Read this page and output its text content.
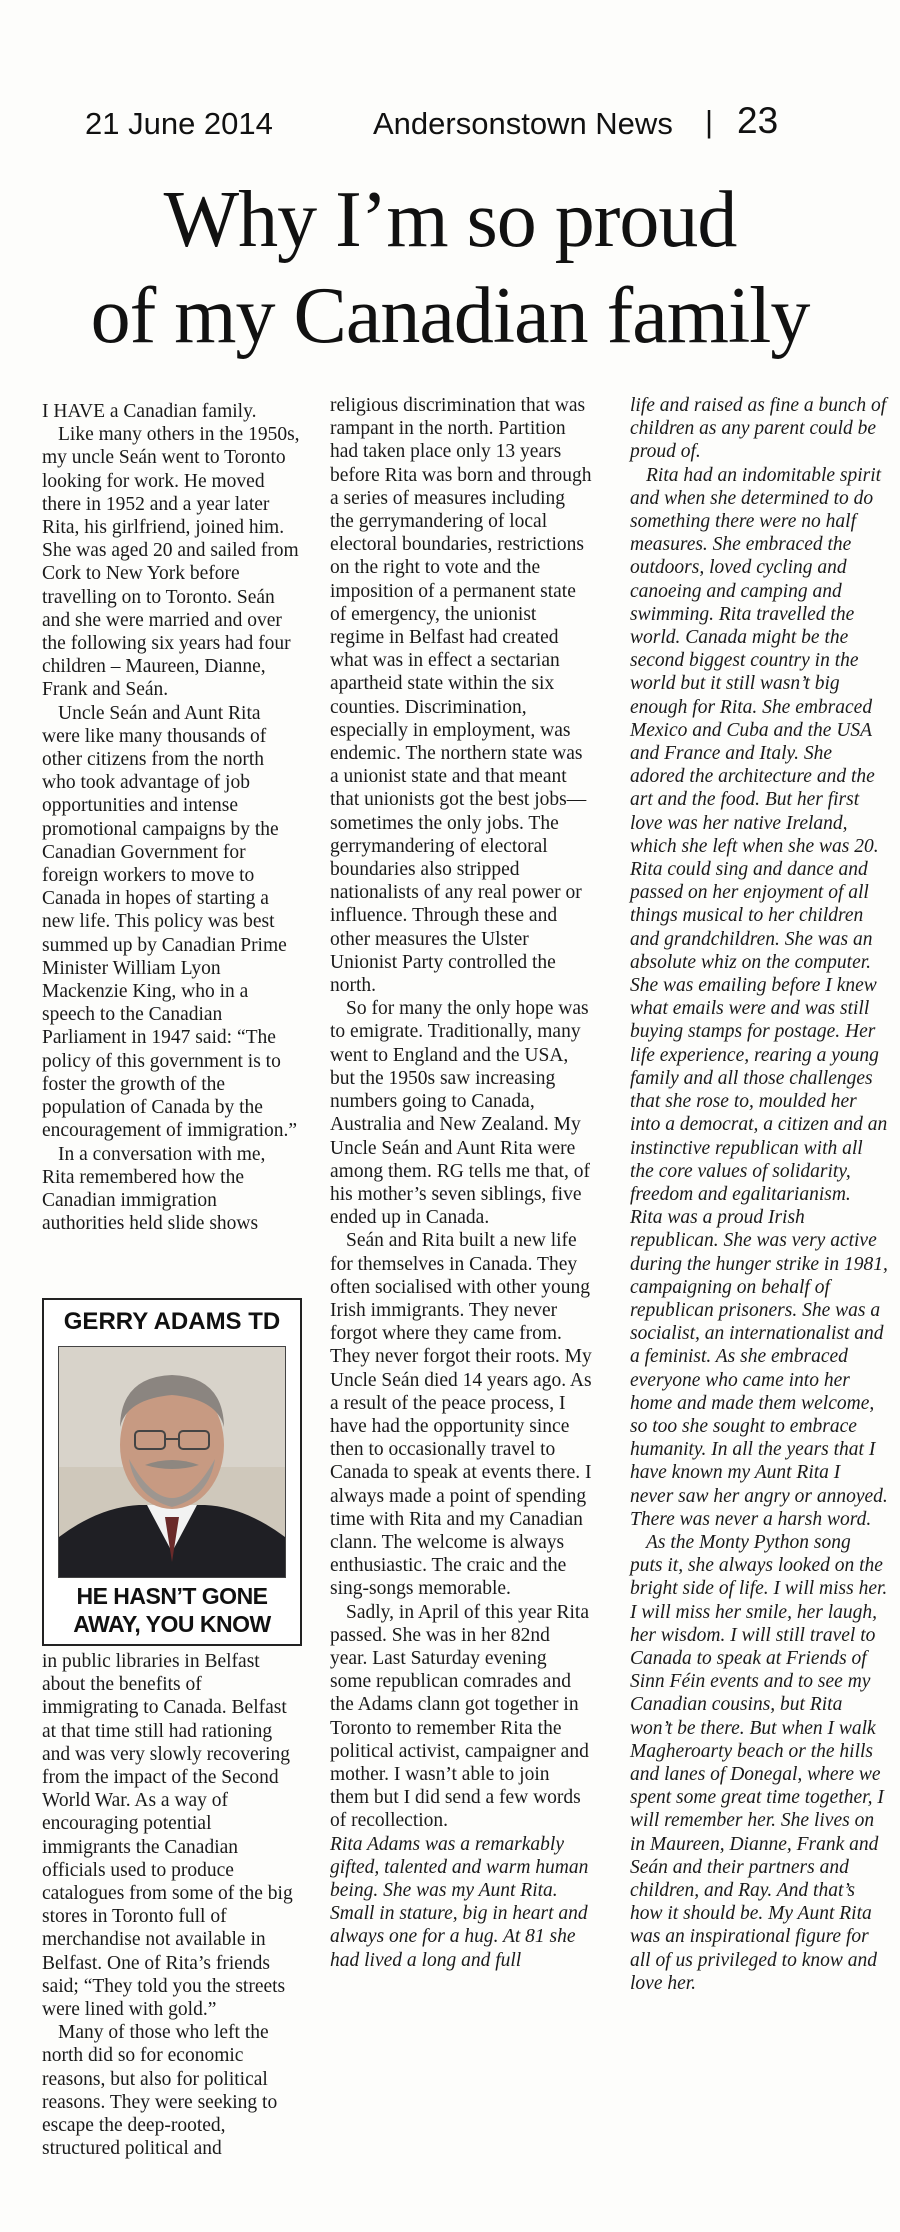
21 June 2014	Andersonstown News | 23
Why I’m so proud
of my Canadian family

I HAVE a Canadian family.

Like many others in the 1950s, my uncle Seán went to Toronto looking for work. He moved there in 1952 and a year later Rita, his girlfriend, joined him. She was aged 20 and sailed from Cork to New York before travelling on to Toronto. Seán and she were married and over the following six years had four children – Maureen, Dianne, Frank and Seán.

Uncle Seán and Aunt Rita were like many thousands of other citizens from the north who took advantage of job opportunities and intense promotional campaigns by the Canadian Government for foreign workers to move to Canada in hopes of starting a new life. This policy was best summed up by Canadian Prime Minister William Lyon Mackenzie King, who in a speech to the Canadian Parliament in 1947 said: “The policy of this government is to foster the growth of the population of Canada by the encouragement of immigration.”

In a conversation with me, Rita remembered how the Canadian immigration authorities held slide shows

GERRY ADAMS TD
HE HASN’T GONE
AWAY, YOU KNOW

in public libraries in Belfast about the benefits of immigrating to Canada. Belfast at that time still had rationing and was very slowly recovering from the impact of the Second World War. As a way of encouraging potential immigrants the Canadian officials used to produce catalogues from some of the big stores in Toronto full of merchandise not available in Belfast. One of Rita’s friends said; “They told you the streets were lined with gold.”

Many of those who left the north did so for economic reasons, but also for political reasons. They were seeking to escape the deep-rooted, structured political and

religious discrimination that was rampant in the north. Partition had taken place only 13 years before Rita was born and through a series of measures including the gerrymandering of local electoral boundaries, restrictions on the right to vote and the imposition of a permanent state of emergency, the unionist regime in Belfast had created what was in effect a sectarian apartheid state within the six counties. Discrimination, especially in employment, was endemic. The northern state was a unionist state and that meant that unionists got the best jobs—sometimes the only jobs. The gerrymandering of electoral boundaries also stripped nationalists of any real power or influence. Through these and other measures the Ulster Unionist Party controlled the north.

So for many the only hope was to emigrate. Traditionally, many went to England and the USA, but the 1950s saw increasing numbers going to Canada, Australia and New Zealand. My Uncle Seán and Aunt Rita were among them. RG tells me that, of his mother’s seven siblings, five ended up in Canada.

Seán and Rita built a new life for themselves in Canada. They often socialised with other young Irish immigrants. They never forgot where they came from. They never forgot their roots. My Uncle Seán died 14 years ago. As a result of the peace process, I have had the opportunity since then to occasionally travel to Canada to speak at events there. I always made a point of spending time with Rita and my Canadian clann. The welcome is always enthusiastic. The craic and the sing-songs memorable.

Sadly, in April of this year Rita passed. She was in her 82nd year. Last Saturday evening some republican comrades and the Adams clann got together in Toronto to remember Rita the political activist, campaigner and mother. I wasn’t able to join them but I did send a few words of recollection.

Rita Adams was a remarkably gifted, talented and warm human being. She was my Aunt Rita. Small in stature, big in heart and always one for a hug. At 81 she had lived a long and full

life and raised as fine a bunch of children as any parent could be proud of.

Rita had an indomitable spirit and when she determined to do something there were no half measures. She embraced the outdoors, loved cycling and canoeing and camping and swimming. Rita travelled the world. Canada might be the second biggest country in the world but it still wasn’t big enough for Rita. She embraced Mexico and Cuba and the USA and France and Italy. She adored the architecture and the art and the food. But her first love was her native Ireland, which she left when she was 20. Rita could sing and dance and passed on her enjoyment of all things musical to her children and grandchildren. She was an absolute whiz on the computer. She was emailing before I knew what emails were and was still buying stamps for postage. Her life experience, rearing a young family and all those challenges that she rose to, moulded her into a democrat, a citizen and an instinctive republican with all the core values of solidarity, freedom and egalitarianism. Rita was a proud Irish republican. She was very active during the hunger strike in 1981, campaigning on behalf of republican prisoners. She was a socialist, an internationalist and a feminist. As she embraced everyone who came into her home and made them welcome, so too she sought to embrace humanity. In all the years that I have known my Aunt Rita I never saw her angry or annoyed. There was never a harsh word.

As the Monty Python song puts it, she always looked on the bright side of life. I will miss her. I will miss her smile, her laugh, her wisdom. I will still travel to Canada to speak at Friends of Sinn Féin events and to see my Canadian cousins, but Rita won’t be there. But when I walk Magheroarty beach or the hills and lanes of Donegal, where we spent some great time together, I will remember her. She lives on in Maureen, Dianne, Frank and Seán and their partners and children, and Ray. And that’s how it should be. My Aunt Rita was an inspirational figure for all of us privileged to know and love her.
